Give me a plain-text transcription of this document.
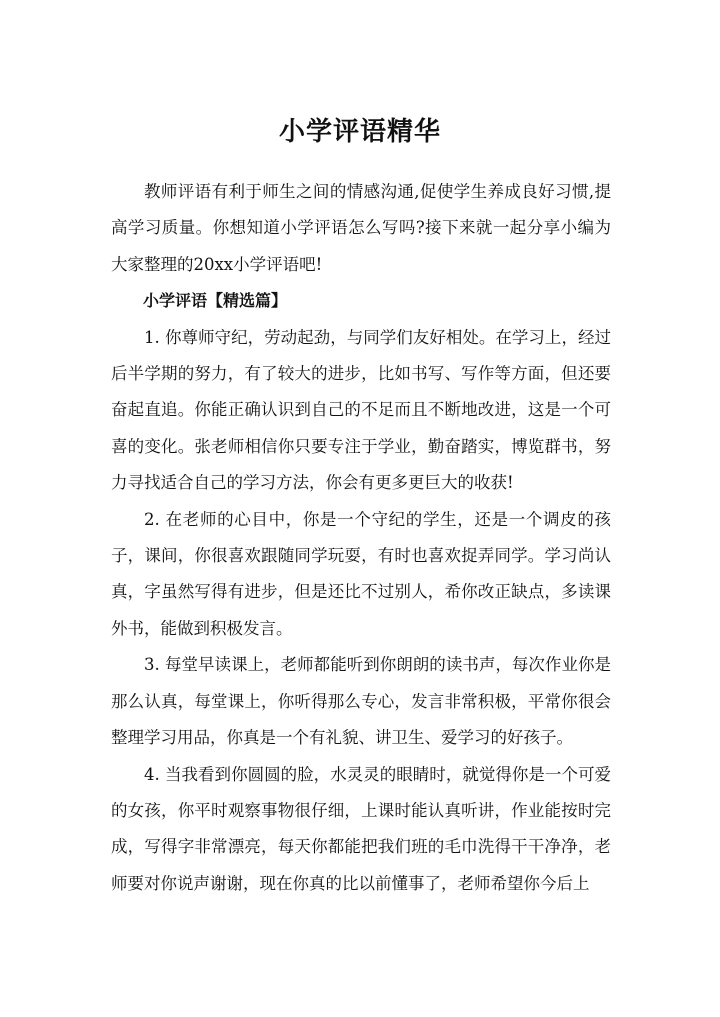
小学评语精华

教师评语有利于师生之间的情感沟通,促使学生养成良好习惯,提高学习质量。你想知道小学评语怎么写吗?接下来就一起分享小编为大家整理的20xx小学评语吧!

小学评语【精选篇】

1. 你尊师守纪，劳动起劲，与同学们友好相处。在学习上，经过后半学期的努力，有了较大的进步，比如书写、写作等方面，但还要奋起直追。你能正确认识到自己的不足而且不断地改进，这是一个可喜的变化。张老师相信你只要专注于学业，勤奋踏实，博览群书，努力寻找适合自己的学习方法，你会有更多更巨大的收获!

2. 在老师的心目中，你是一个守纪的学生，还是一个调皮的孩子，课间，你很喜欢跟随同学玩耍，有时也喜欢捉弄同学。学习尚认真，字虽然写得有进步，但是还比不过别人，希你改正缺点，多读课外书，能做到积极发言。

3. 每堂早读课上，老师都能听到你朗朗的读书声，每次作业你是那么认真，每堂课上，你听得那么专心，发言非常积极，平常你很会整理学习用品，你真是一个有礼貌、讲卫生、爱学习的好孩子。

4. 当我看到你圆圆的脸，水灵灵的眼睛时，就觉得你是一个可爱的女孩，你平时观察事物很仔细，上课时能认真听讲，作业能按时完成，写得字非常漂亮，每天你都能把我们班的毛巾洗得干干净净，老师要对你说声谢谢，现在你真的比以前懂事了，老师希望你今后上
